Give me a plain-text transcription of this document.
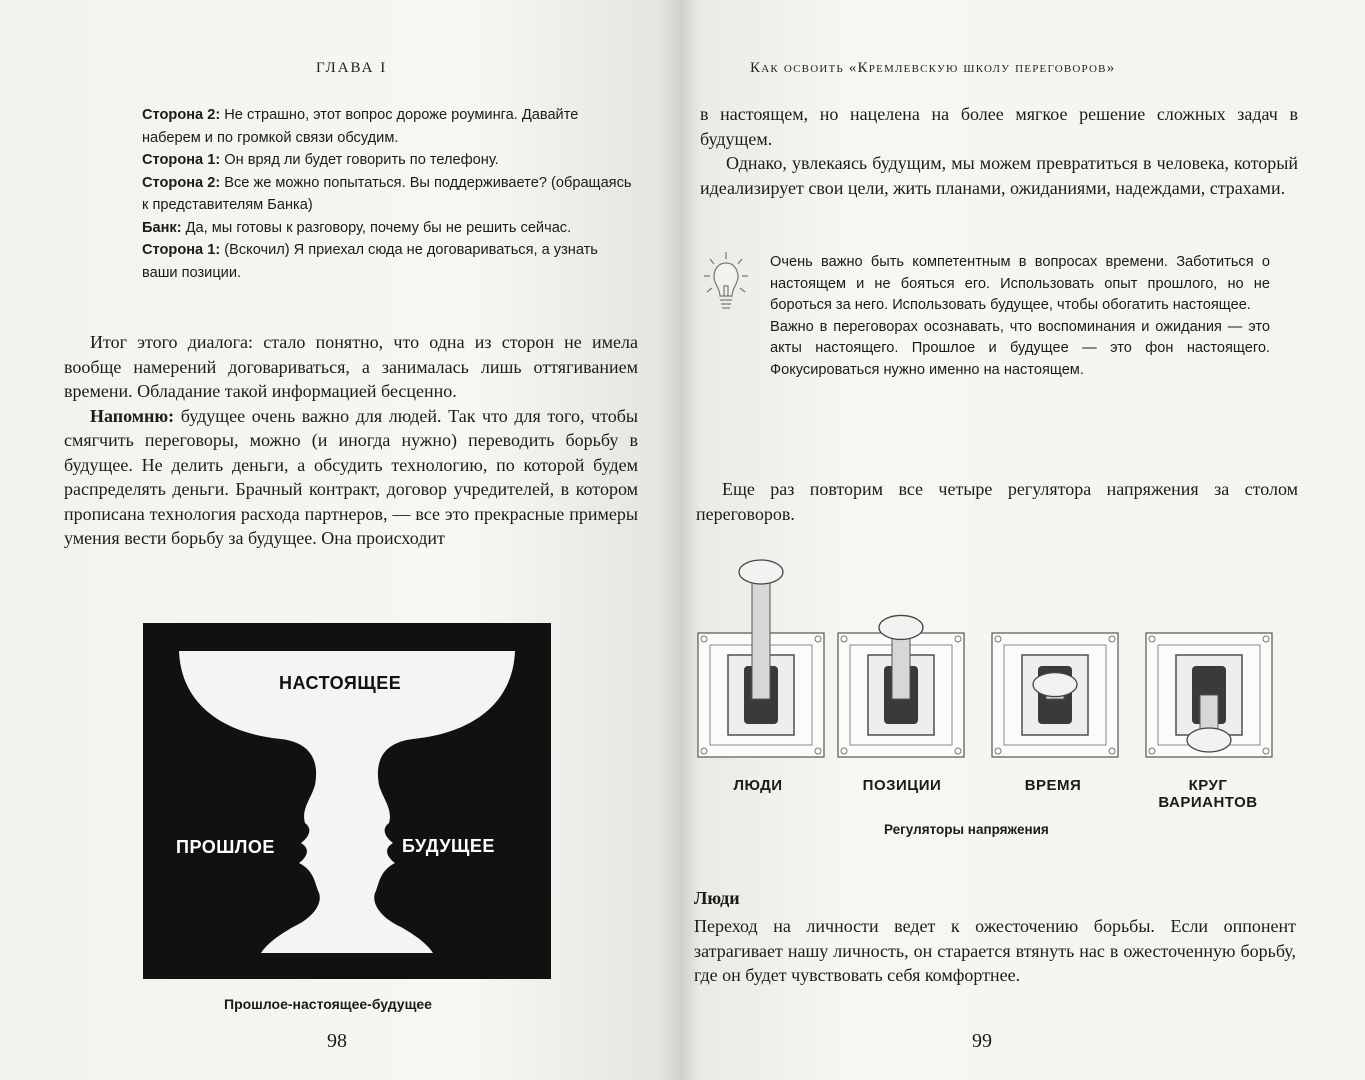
ГЛАВА I

Сторона 2: Не страшно, этот вопрос дороже роуминга. Давайте наберем и по громкой связи обсудим.

Сторона 1: Он вряд ли будет говорить по телефону.

Сторона 2: Все же можно попытаться. Вы поддерживаете? (обращаясь к представителям Банка)

Банк: Да, мы готовы к разговору, почему бы не решить сейчас.

Сторона 1: (Вскочил) Я приехал сюда не договариваться, а узнать ваши позиции.

Итог этого диалога: стало понятно, что одна из сторон не имела вообще намерений договариваться, а занималась лишь оттягиванием времени. Обладание такой информацией бесценно.

Напомню: будущее очень важно для людей. Так что для того, чтобы смягчить переговоры, можно (и иногда нужно) переводить борьбу в будущее. Не делить деньги, а обсудить технологию, по которой будем распределять деньги. Брачный контракт, договор учредителей, в котором прописана технология расхода партнеров, — все это прекрасные примеры умения вести борьбу за будущее. Она происходит

НАСТОЯЩЕЕ
ПРОШЛОЕ	БУДУЩЕЕ
Прошлое-настоящее-будущее
98
Как освоить «Кремлевскую школу переговоров»

в настоящем, но нацелена на более мягкое решение сложных задач в будущем.

Однако, увлекаясь будущим, мы можем превратиться в человека, который идеализирует свои цели, жить планами, ожиданиями, надеждами, страхами.

Очень важно быть компетентным в вопросах времени. Заботиться о настоящем и не бояться его. Использовать опыт прошлого, но не бороться за него. Использовать будущее, чтобы обогатить настоящее.

Важно в переговорах осознавать, что воспоминания и ожидания — это акты настоящего. Прошлое и будущее — это фон настоящего. Фокусироваться нужно именно на настоящем.

Еще раз повторим все четыре регулятора напряжения за столом переговоров.

ЛЮДИ	ПОЗИЦИИ	ВРЕМЯ	КРУГ ВАРИАНТОВ
Регуляторы напряжения
Люди

Переход на личности ведет к ожесточению борьбы. Если оппонент затрагивает нашу личность, он старается втянуть нас в ожесточенную борьбу, где он будет чувствовать себя комфортнее.

99
